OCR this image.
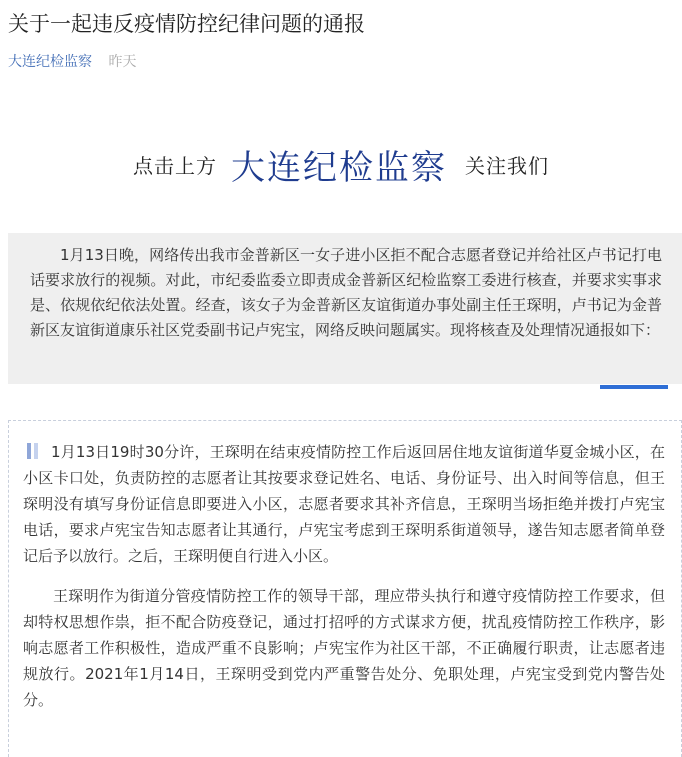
关于一起违反疫情防控纪律问题的通报
大连纪检监察 昨天
点击上方 大连纪检监察 关注我们

1月13日晚，网络传出我市金普新区一女子进小区拒不配合志愿者登记并给社区卢书记打电话要求放行的视频。对此，市纪委监委立即责成金普新区纪检监察工委进行核查，并要求实事求是、依规依纪依法处置。经查，该女子为金普新区友谊街道办事处副主任王琛明，卢书记为金普新区友谊街道康乐社区党委副书记卢宪宝，网络反映问题属实。现将核查及处理情况通报如下：

1月13日19时30分许，王琛明在结束疫情防控工作后返回居住地友谊街道华夏金城小区，在小区卡口处，负责防控的志愿者让其按要求登记姓名、电话、身份证号、出入时间等信息，但王琛明没有填写身份证信息即要进入小区，志愿者要求其补齐信息，王琛明当场拒绝并拨打卢宪宝电话，要求卢宪宝告知志愿者让其通行，卢宪宝考虑到王琛明系街道领导，遂告知志愿者简单登记后予以放行。之后，王琛明便自行进入小区。

王琛明作为街道分管疫情防控工作的领导干部，理应带头执行和遵守疫情防控工作要求，但却特权思想作祟，拒不配合防疫登记，通过打招呼的方式谋求方便，扰乱疫情防控工作秩序，影响志愿者工作积极性，造成严重不良影响；卢宪宝作为社区干部，不正确履行职责，让志愿者违规放行。2021年1月14日，王琛明受到党内严重警告处分、免职处理，卢宪宝受到党内警告处分。
